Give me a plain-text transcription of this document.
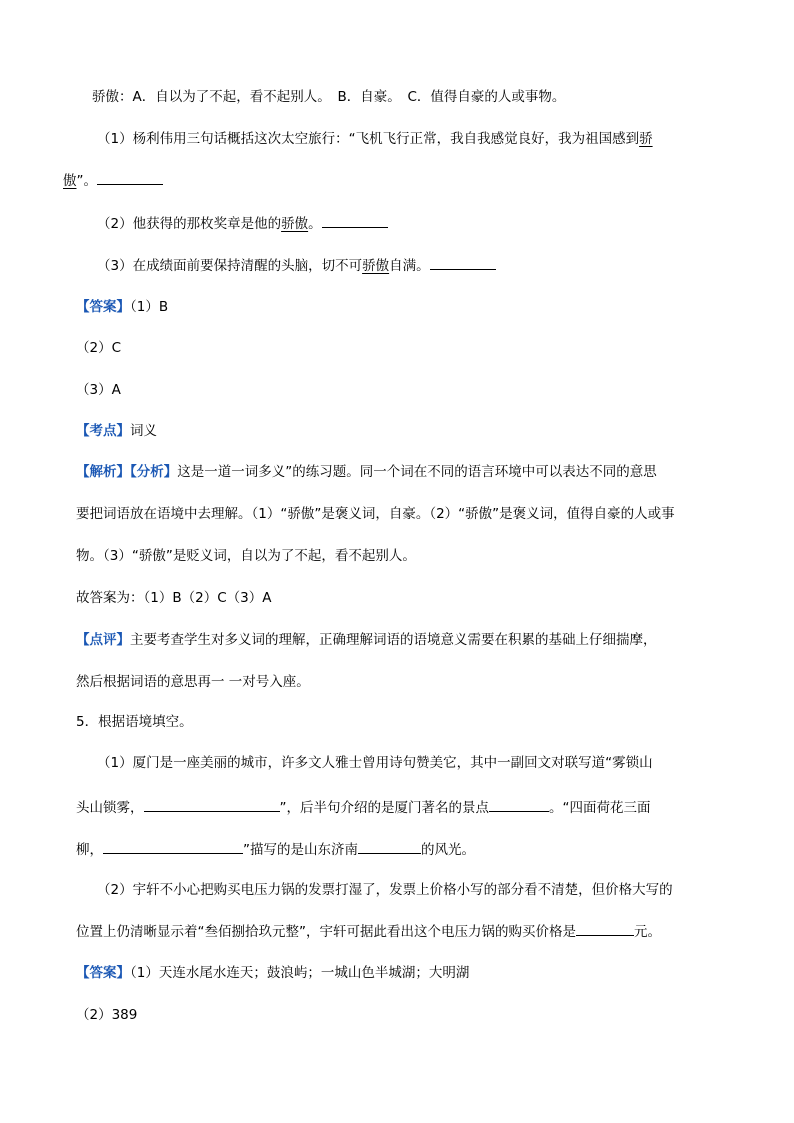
骄傲：A．自以为了不起，看不起别人。　B．自豪。　C．值得自豪的人或事物。
（1）杨利伟用三句话概括这次太空旅行：“飞机飞行正常，我自我感觉良好，我为祖国感到骄
傲”。
（2）他获得的那枚奖章是他的骄傲。
（3）在成绩面前要保持清醒的头脑，切不可骄傲自满。
【答案】（1）B
（2）C
（3）A
【考点】词义
【解析】【分析】这是一道一词多义”的练习题。同一个词在不同的语言环境中可以表达不同的意思
要把词语放在语境中去理解。（1）“骄傲”是褒义词，自豪。（2）“骄傲”是褒义词，值得自豪的人或事
物。（3）“骄傲”是贬义词，自以为了不起，看不起别人。
故答案为：（1）B（2）C（3）A
【点评】主要考查学生对多义词的理解，正确理解词语的语境意义需要在积累的基础上仔细揣摩，
然后根据词语的意思再一 一对号入座。
5．根据语境填空。
（1）厦门是一座美丽的城市，许多文人雅士曾用诗句赞美它，其中一副回文对联写道“雾锁山
头山锁雾，	”，后半句介绍的是厦门著名的景点	。“四面荷花三面
柳，	”描写的是山东济南	的风光。
（2）宇轩不小心把购买电压力锅的发票打湿了，发票上价格小写的部分看不清楚，但价格大写的
位置上仍清晰显示着“叁佰捌拾玖元整”，宇轩可据此看出这个电压力锅的购买价格是	元。
【答案】（1）天连水尾水连天；鼓浪屿；一城山色半城湖；大明湖
（2）389
